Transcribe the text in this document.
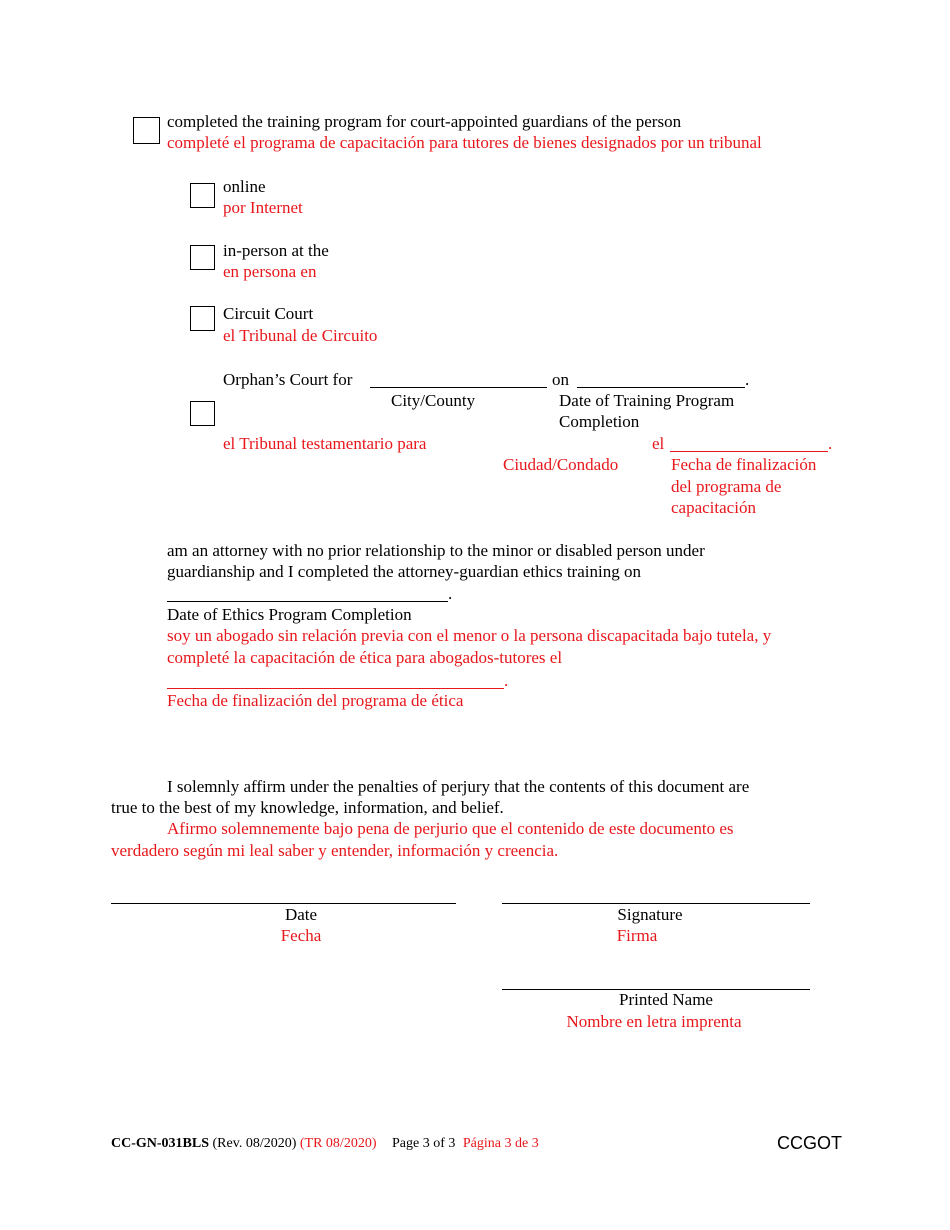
completed the training program for court-appointed guardians of the person
completé el programa de capacitación para tutores de bienes designados por un tribunal
online
por Internet
in-person at the
en persona en
Circuit Court
el Tribunal de Circuito
Orphan’s Court for	on	.
City/County	Date of Training Program
Completion
el Tribunal testamentario para	el	.
Ciudad/Condado	Fecha de finalización
del programa de
capacitación
am an attorney with no prior relationship to the minor or disabled person under
guardianship and I completed the attorney-guardian ethics training on
.
Date of Ethics Program Completion
soy un abogado sin relación previa con el menor o la persona discapacitada bajo tutela, y
completé la capacitación de ética para abogados-tutores el
.
Fecha de finalización del programa de ética
I solemnly affirm under the penalties of perjury that the contents of this document are
true to the best of my knowledge, information, and belief.
Afirmo solemnemente bajo pena de perjurio que el contenido de este documento es
verdadero según mi leal saber y entender, información y creencia.
Date
Fecha
Signature
Firma
Printed Name
Nombre en letra imprenta
CC-GN-031BLS (Rev. 08/2020) (TR 08/2020) Page 3 of 3 Página 3 de 3	CCGOT
